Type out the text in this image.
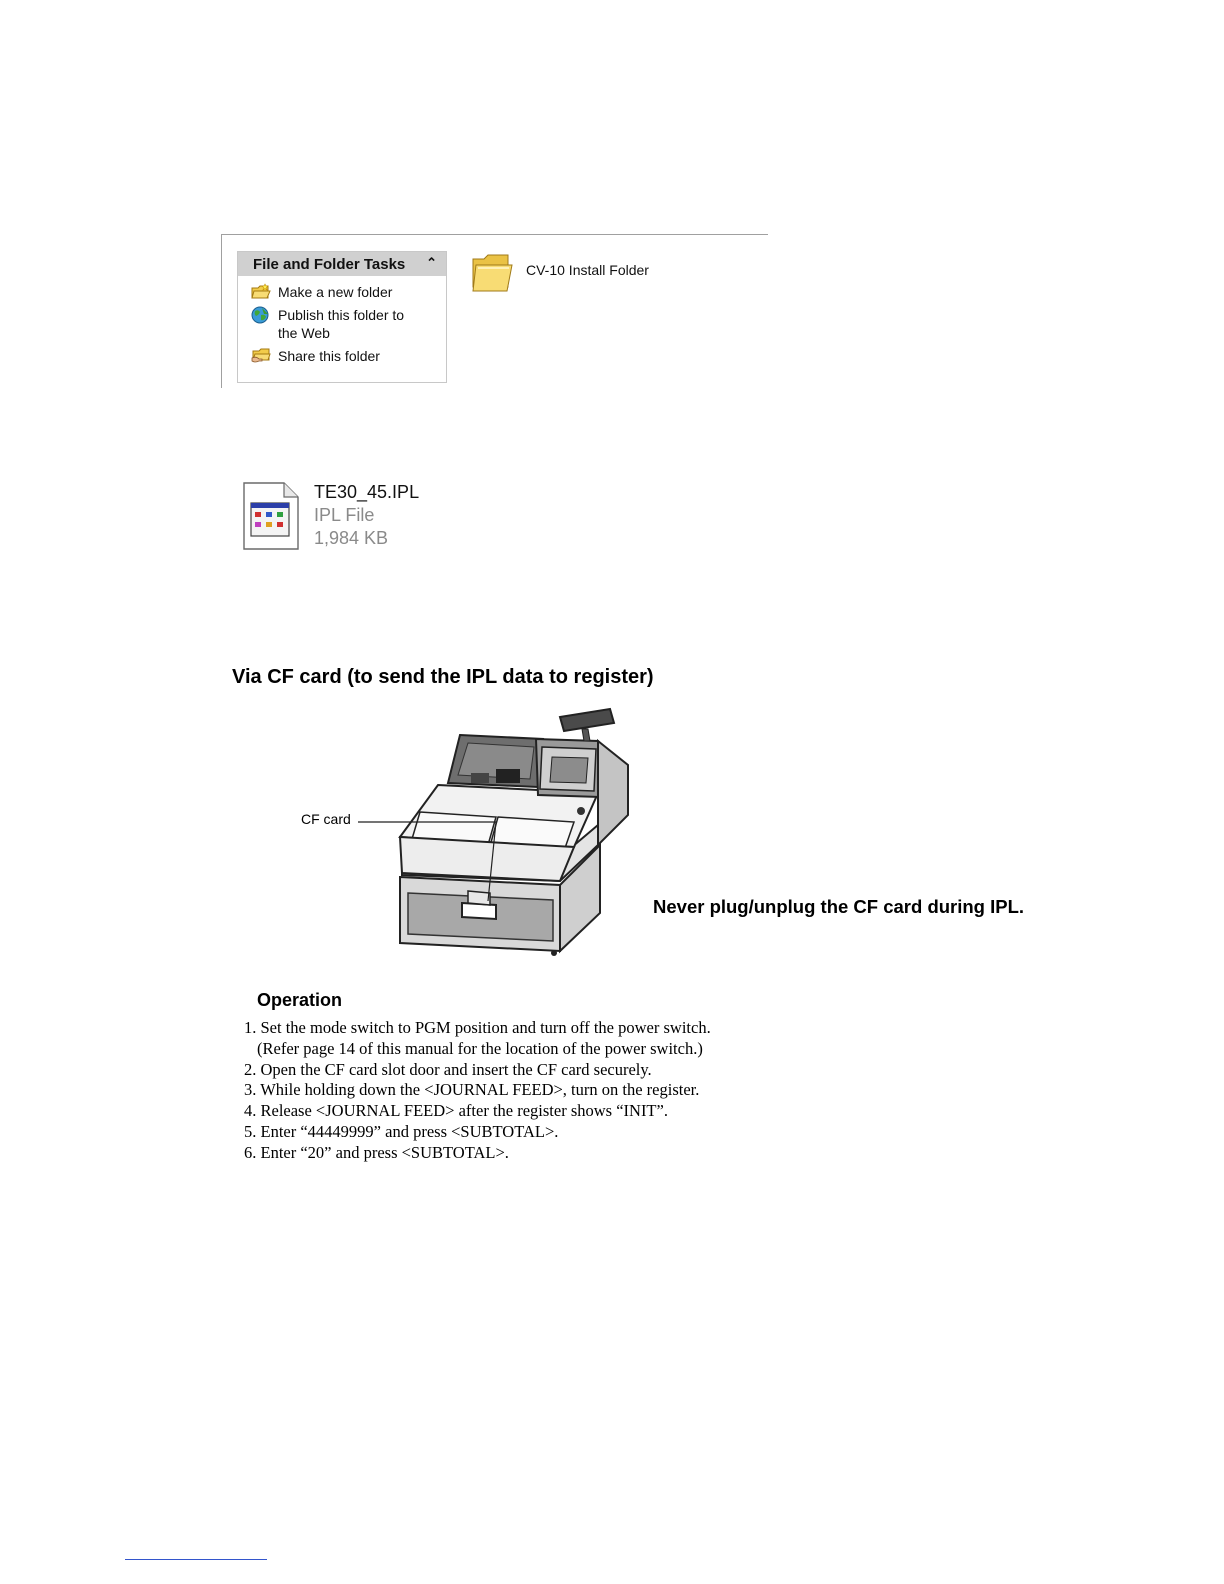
File and Folder Tasks	⌃
Make a new folder
Publish this folder to the Web
Share this folder
CV-10 Install Folder
TE30_45.IPL
IPL File
1,984 KB
Via CF card (to send the IPL data to register)
CF card
Never plug/unplug the CF card during IPL.
Operation
1. Set the mode switch to PGM position and turn off the power switch.
(Refer page 14 of this manual for the location of the power switch.)
2. Open the CF card slot door and insert the CF card securely.
3. While holding down the <JOURNAL FEED>, turn on the register.
4. Release <JOURNAL FEED> after the register shows “INIT”.
5. Enter “44449999” and press <SUBTOTAL>.
6. Enter “20” and press <SUBTOTAL>.
